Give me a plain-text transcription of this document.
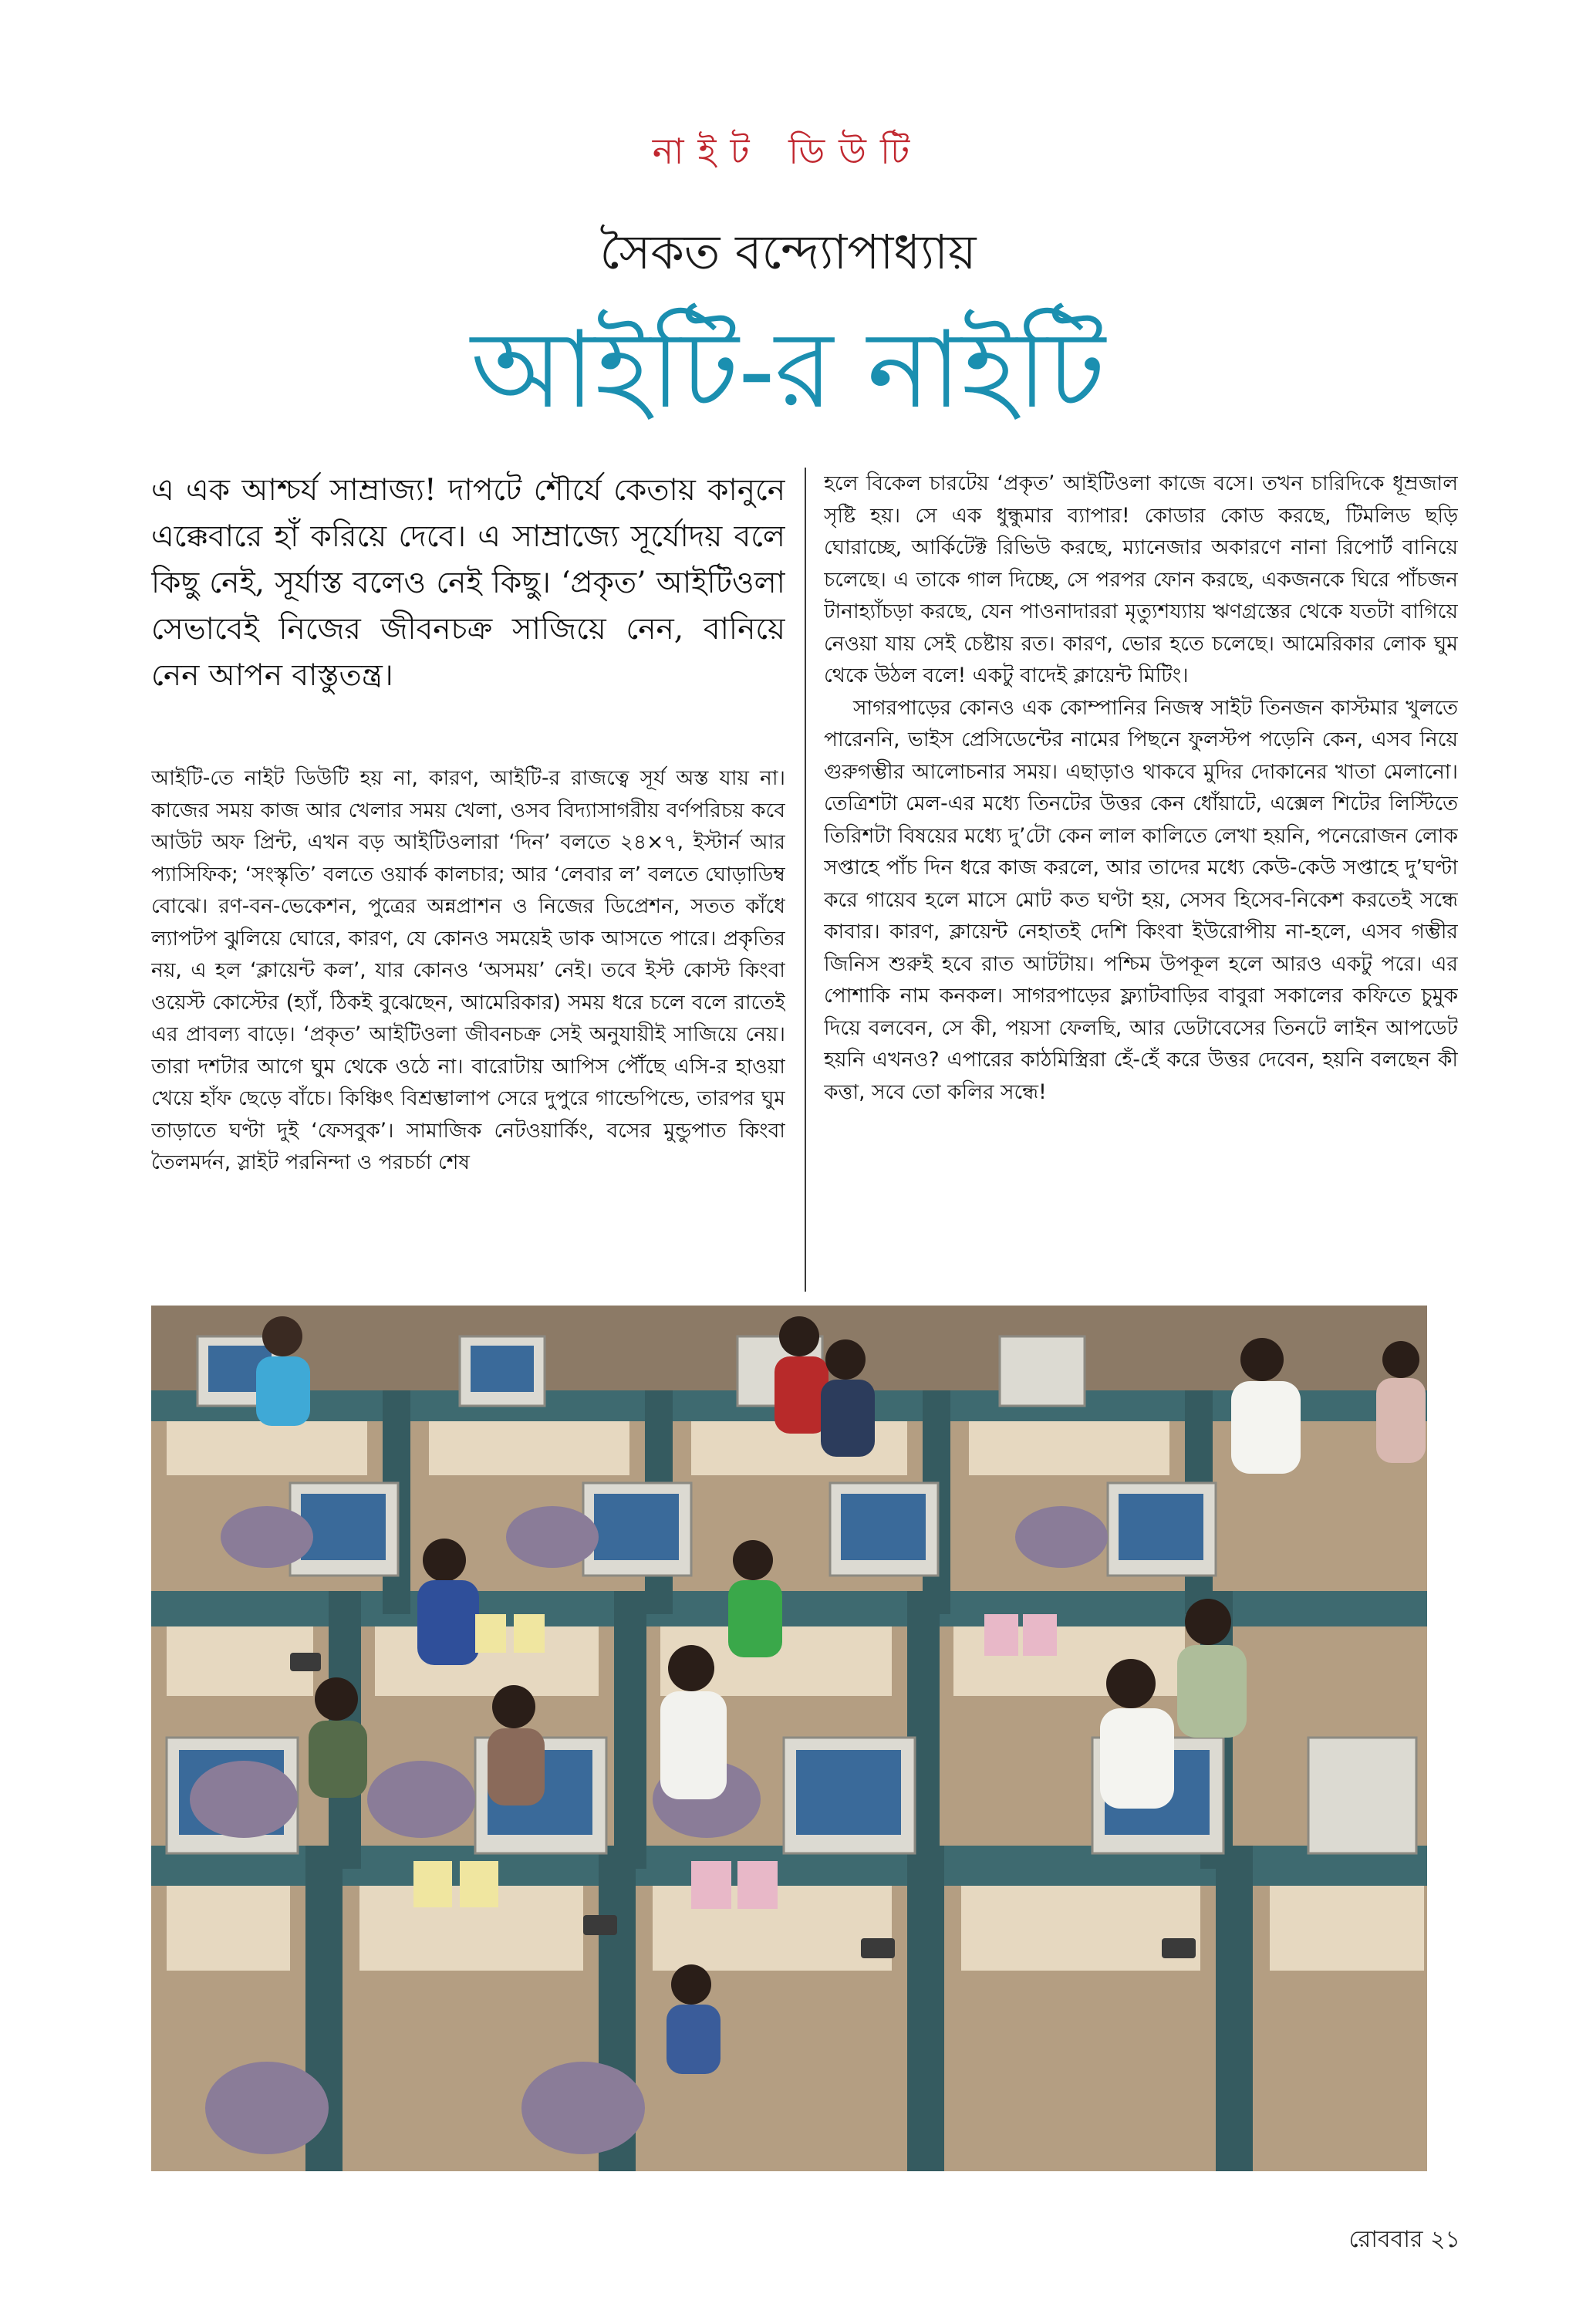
নাইট ডিউটি
সৈকত বন্দ্যোপাধ্যায়
আইটি-র নাইটি

এ এক আশ্চর্য সাম্রাজ্য! দাপটে শৌর্যে কেতায় কানুনে এক্কেবারে হাঁ করিয়ে দেবে। এ সাম্রাজ্যে সূর্যোদয় বলে কিছু নেই, সূর্যাস্ত বলেও নেই কিছু। ‘প্রকৃত’ আইটিওলা সেভাবেই নিজের জীবনচক্র সাজিয়ে নেন, বানিয়ে নেন আপন বাস্তুতন্ত্র।

আইটি-তে নাইট ডিউটি হয় না, কারণ, আইটি-র রাজত্বে সূর্য অস্ত যায় না। কাজের সময় কাজ আর খেলার সময় খেলা, ওসব বিদ্যাসাগরীয় বর্ণপরিচয় কবে আউট অফ প্রিন্ট, এখন বড় আইটিওলারা ‘দিন’ বলতে ২৪×৭, ইস্টার্ন আর প্যাসিফিক; ‘সংস্কৃতি’ বলতে ওয়ার্ক কালচার; আর ‘লেবার ল’ বলতে ঘোড়াডিম্ব বোঝে। রণ-বন-ভেকেশন, পুত্রের অন্নপ্রাশন ও নিজের ডিপ্রেশন, সতত কাঁধে ল্যাপটপ ঝুলিয়ে ঘোরে, কারণ, যে কোনও সময়েই ডাক আসতে পারে। প্রকৃতির নয়, এ হল ‘ক্লায়েন্ট কল’, যার কোনও ‘অসময়’ নেই। তবে ইস্ট কোস্ট কিংবা ওয়েস্ট কোস্টের (হ্যাঁ, ঠিকই বুঝেছেন, আমেরিকার) সময় ধরে চলে বলে রাতেই এর প্রাবল্য বাড়ে। ‘প্রকৃত’ আইটিওলা জীবনচক্র সেই অনুযায়ীই সাজিয়ে নেয়। তারা দশটার আগে ঘুম থেকে ওঠে না। বারোটায় আপিস পৌঁছে এসি-র হাওয়া খেয়ে হাঁফ ছেড়ে বাঁচে। কিঞ্চিৎ বিশ্রম্ভালাপ সেরে দুপুরে গান্ডেপিন্ডে, তারপর ঘুম তাড়াতে ঘণ্টা দুই ‘ফেসবুক’। সামাজিক নেটওয়ার্কিং, বসের মুন্ডুপাত কিংবা তৈলমর্দন, স্লাইট পরনিন্দা ও পরচর্চা শেষ

হলে বিকেল চারটেয় ‘প্রকৃত’ আইটিওলা কাজে বসে। তখন চারিদিকে ধূম্রজাল সৃষ্টি হয়। সে এক ধুন্ধুমার ব্যাপার! কোডার কোড করছে, টিমলিড ছড়ি ঘোরাচ্ছে, আর্কিটেক্ট রিভিউ করছে, ম্যানেজার অকারণে নানা রিপোর্ট বানিয়ে চলেছে। এ তাকে গাল দিচ্ছে, সে পরপর ফোন করছে, একজনকে ঘিরে পাঁচজন টানাহ্যাঁচড়া করছে, যেন পাওনাদাররা মৃত্যুশয্যায় ঋণগ্রস্তের থেকে যতটা বাগিয়ে নেওয়া যায় সেই চেষ্টায় রত। কারণ, ভোর হতে চলেছে। আমেরিকার লোক ঘুম থেকে উঠল বলে! একটু বাদেই ক্লায়েন্ট মিটিং।

সাগরপাড়ের কোনও এক কোম্পানির নিজস্ব সাইট তিনজন কাস্টমার খুলতে পারেননি, ভাইস প্রেসিডেন্টের নামের পিছনে ফুলস্টপ পড়েনি কেন, এসব নিয়ে গুরুগম্ভীর আলোচনার সময়। এছাড়াও থাকবে মুদির দোকানের খাতা মেলানো। তেত্রিশটা মেল-এর মধ্যে তিনটের উত্তর কেন ধোঁয়াটে, এক্সেল শিটের লিস্টিতে তিরিশটা বিষয়ের মধ্যে দু’টো কেন লাল কালিতে লেখা হয়নি, পনেরোজন লোক সপ্তাহে পাঁচ দিন ধরে কাজ করলে, আর তাদের মধ্যে কেউ-কেউ সপ্তাহে দু’ঘণ্টা করে গায়েব হলে মাসে মোট কত ঘণ্টা হয়, সেসব হিসেব-নিকেশ করতেই সন্ধে কাবার। কারণ, ক্লায়েন্ট নেহাতই দেশি কিংবা ইউরোপীয় না-হলে, এসব গম্ভীর জিনিস শুরুই হবে রাত আটটায়। পশ্চিম উপকূল হলে আরও একটু পরে। এর পোশাকি নাম কনকল। সাগরপাড়ের ফ্ল্যাটবাড়ির বাবুরা সকালের কফিতে চুমুক দিয়ে বলবেন, সে কী, পয়সা ফেলছি, আর ডেটাবেসের তিনটে লাইন আপডেট হয়নি এখনও? এপারের কাঠমিস্ত্রিরা হেঁ-হেঁ করে উত্তর দেবেন, হয়নি বলছেন কী কত্তা, সবে তো কলির সন্ধে!

রোববার ২১
